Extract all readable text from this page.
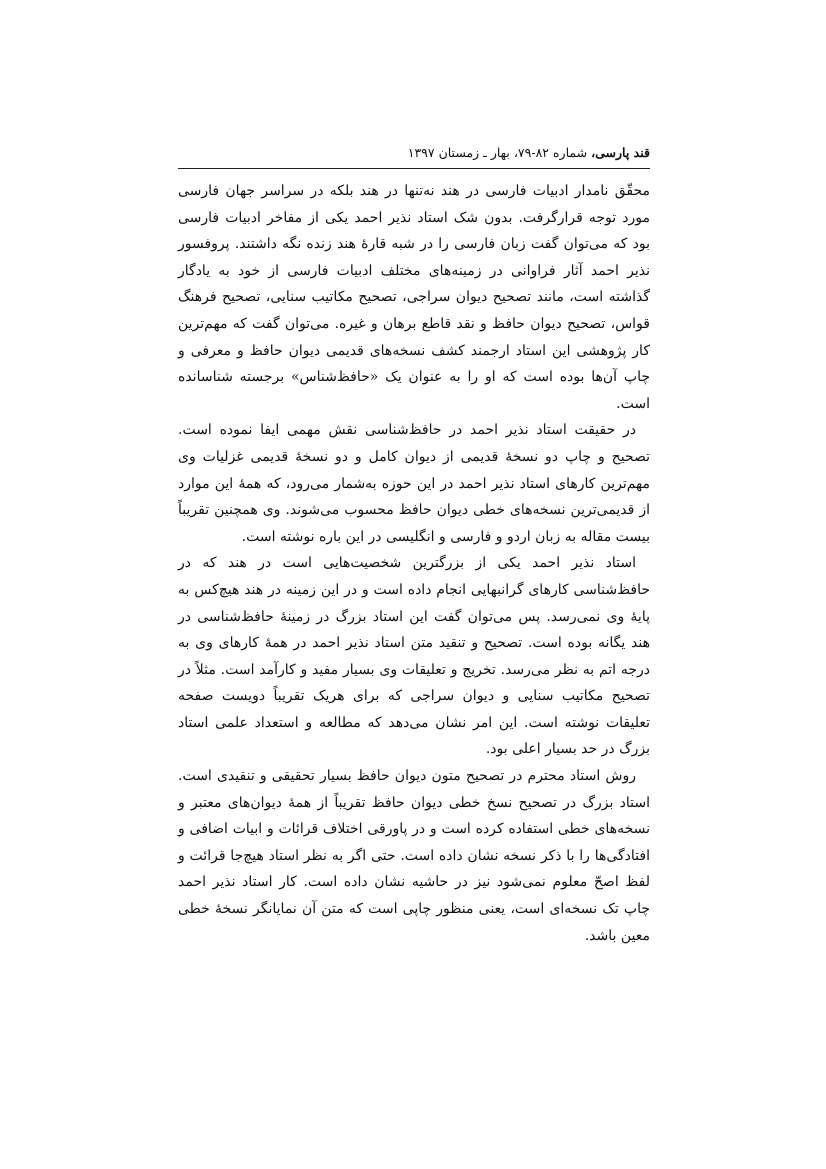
قند پارسی، شماره ۸۲-۷۹، بهار ـ زمستان ۱۳۹۷

محقّق نامدار ادبیات فارسی در هند نه‌تنها در هند بلکه در سراسر جهان فارسی مورد توجه قرارگرفت. بدون شک استاد نذیر احمد یکی از مفاخر ادبیات فارسی بود که می‌توان گفت زبان فارسی را در شبه قارهٔ هند زنده نگه داشتند. پروفسور نذیر احمد آثار فراوانی در زمینه‌های مختلف ادبیات فارسی از خود به یادگار گذاشته است، مانند تصحیح دیوان سراجی، تصحیح مکاتیب سنایی، تصحیح فرهنگ قواس، تصحیح دیوان حافظ و نقد قاطع برهان و غیره. می‌توان گفت که مهم‌ترین کار پژوهشی این استاد ارجمند کشف نسخه‌های قدیمی دیوان حافظ و معرفی و چاپ آن‌ها بوده است که او را به عنوان یک «حافظ‌شناس» برجسته شناسانده است.

در حقیقت استاد نذیر احمد در حافظ‌شناسی نقش مهمی ایفا نموده است. تصحیح و چاپ دو نسخهٔ قدیمی از دیوان کامل و دو نسخهٔ قدیمی غزلیات وی مهم‌ترین کارهای استاد نذیر احمد در این حوزه به‌شمار می‌رود، که همهٔ این موارد از قدیمی‌ترین نسخه‌های خطی دیوان حافظ محسوب می‌شوند. وی همچنین تقریباً بیست مقاله به زبان اردو و فارسی و انگلیسی در این باره نوشته است.

استاد نذیر احمد یکی از بزرگترین شخصیت‌هایی است در هند که در حافظ‌شناسی کارهای گرانبهایی انجام داده است و در این زمینه در هند هیچ‌کس به پایهٔ وی نمی‌رسد. پس می‌توان گفت این استاد بزرگ در زمینهٔ حافظ‌شناسی در هند یگانه بوده است. تصحیح و تنقید متن استاد نذیر احمد در همهٔ کارهای وی به درجه اتم به نظر می‌رسد. تخریج و تعلیقات وی بسیار مفید و کارآمد است. مثلاً در تصحیح مکاتیب سنایی و دیوان سراجی که برای هریک تقریباً دویست صفحه تعلیقات نوشته است. این امر نشان می‌دهد که مطالعه و استعداد علمی استاد بزرگ در حد بسیار اعلی بود.

روش استاد محترم در تصحیح متون دیوان حافظ بسیار تحقیقی و تنقیدی است. استاد بزرگ در تصحیح نسخ خطی دیوان حافظ تقریباً از همهٔ دیوان‌های معتبر و نسخه‌های خطی استفاده کرده است و در پاورقی اختلاف قرائات و ابیات اضافی و افتادگی‌ها را با ذکر نسخه نشان داده است. حتی اگر به نظر استاد هیچ‌جا قرائت و لفظ اصحّ معلوم نمی‌شود نیز در حاشیه نشان داده است. کار استاد نذیر احمد چاپ تک نسخه‌ای است، یعنی منظور چاپی است که متن آن نمایانگر نسخهٔ خطی معین باشد.
